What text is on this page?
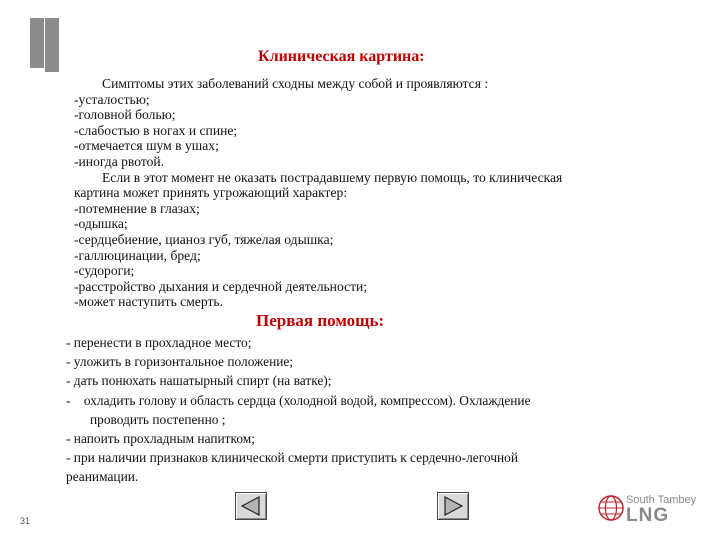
Клиническая картина:
Симптомы этих заболеваний сходны между собой и проявляются :
-усталостью;
-головной болью;
-слабостью в ногах и спине;
-отмечается шум в ушах;
-иногда рвотой.
Если в этот момент не оказать пострадавшему первую помощь, то клиническая
картина может принять угрожающий характер:
-потемнение в глазах;
-одышка;
-сердцебиение, цианоз губ, тяжелая одышка;
-галлюцинации, бред;
-судороги;
-расстройство дыхания и сердечной деятельности;
-может наступить смерть.
Первая помощь:
- перенести в прохладное место;
- уложить в горизонтальное положение;
- дать понюхать нашатырный спирт (на ватке);
-    охладить голову и область сердца (холодной водой, компрессом). Охлаждение
проводить постепенно ;
- напоить прохладным напитком;
- при наличии признаков клинической смерти приступить к сердечно-легочной
реанимации.
31
South Tambey
LNG
